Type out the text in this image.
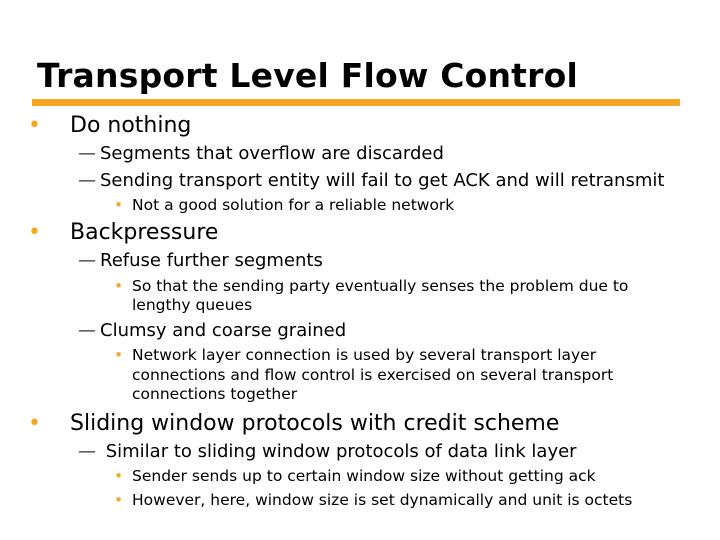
Transport Level Flow Control
• Do nothing
— Segments that overflow are discarded
— Sending transport entity will fail to get ACK and will retransmit
• Not a good solution for a reliable network
• Backpressure
— Refuse further segments
• So that the sending party eventually senses the problem due to
lengthy queues
— Clumsy and coarse grained
• Network layer connection is used by several transport layer
connections and flow control is exercised on several transport
connections together
• Sliding window protocols with credit scheme
— Similar to sliding window protocols of data link layer
• Sender sends up to certain window size without getting ack
• However, here, window size is set dynamically and unit is octets
